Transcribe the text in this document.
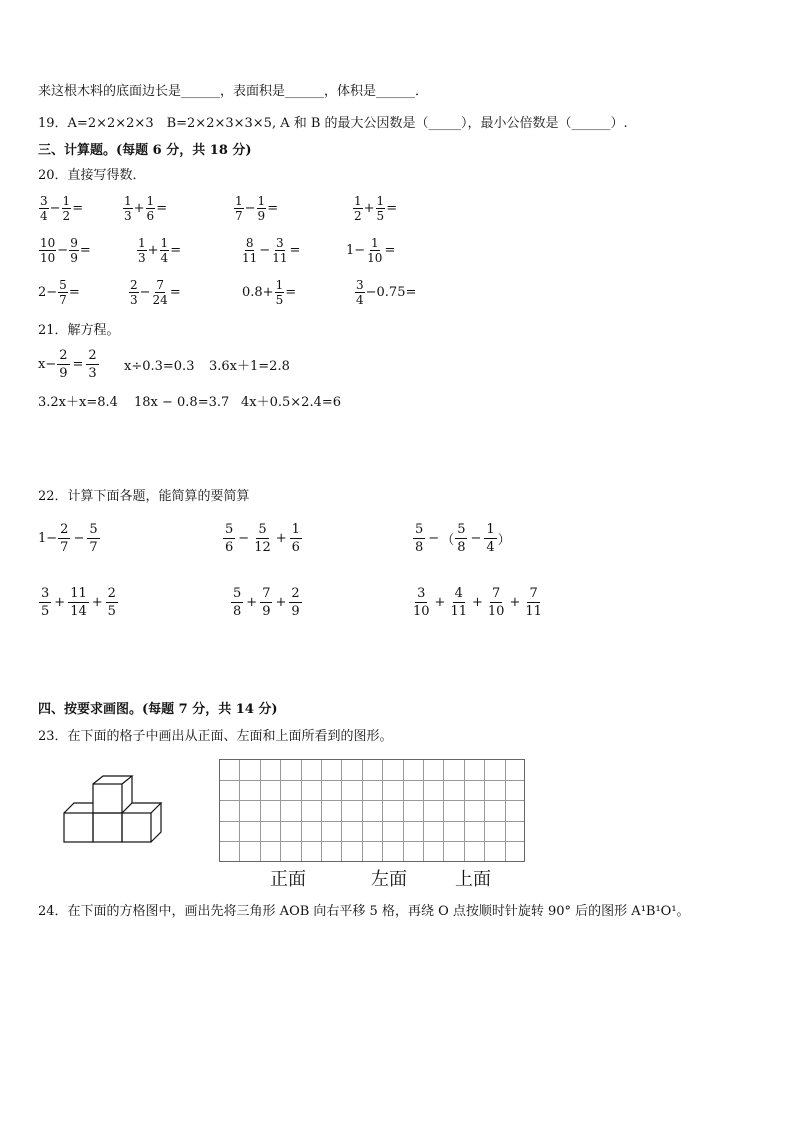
来这根木料的底面边长是______，表面积是______，体积是______．
19．A=2×2×2×3　B=2×2×3×3×5, A 和 B 的最大公因数是（_____），最小公倍数是（______）.
三、计算题。(每题 6 分，共 18 分)
20．直接写得数．
$\frac{3}{4} - \frac{1}{2}$ =	$\frac{1}{3} + \frac{1}{6}$ =	$\frac{1}{7} - \frac{1}{9}$ =	$\frac{1}{2} + \frac{1}{5}$ =
$\frac{10}{10} - \frac{9}{9}$ =	$\frac{1}{3} + \frac{1}{4}$ =	$\frac{8}{11} - \frac{3}{11}$ =	$1- \frac{1}{10}$ =
$2- \frac{5}{7}$ =	$\frac{2}{3} - \frac{7}{24}$ =	$0.8+ \frac{1}{5}$ =	$\frac{3}{4} -0.75=$
21．解方程。
$x- \frac{2}{9} = \frac{2}{3} x\div 0.3=0.3$ 3.6x＋1=2.8
3.2x＋x=8.4 18x − 0.8=3.7 4x＋0.5×2.4=6
22．计算下面各题，能简算的要简算
$1- \frac{2}{7} - \frac{5}{7}$	$\frac{5}{6} - \frac{5}{12} + \frac{1}{6}$	$\frac{5}{8}$ − （ $\frac{5}{8} - \frac{1}{4}$ ）
$\frac{3}{5} + \frac{11}{14} + \frac{2}{5}$	$\frac{5}{8} + \frac{7}{9} + \frac{2}{9}$	$\frac{3}{10} + \frac{4}{11} + \frac{7}{10} + \frac{7}{11}$
四、按要求画图。(每题 7 分，共 14 分)
23．在下面的格子中画出从正面、左面和上面所看到的图形。
正面	左面	上面
24．在下面的方格图中，画出先将三角形 AOB 向右平移 5 格，再绕 O 点按顺时针旋转 90° 后的图形 A¹B¹O¹。
